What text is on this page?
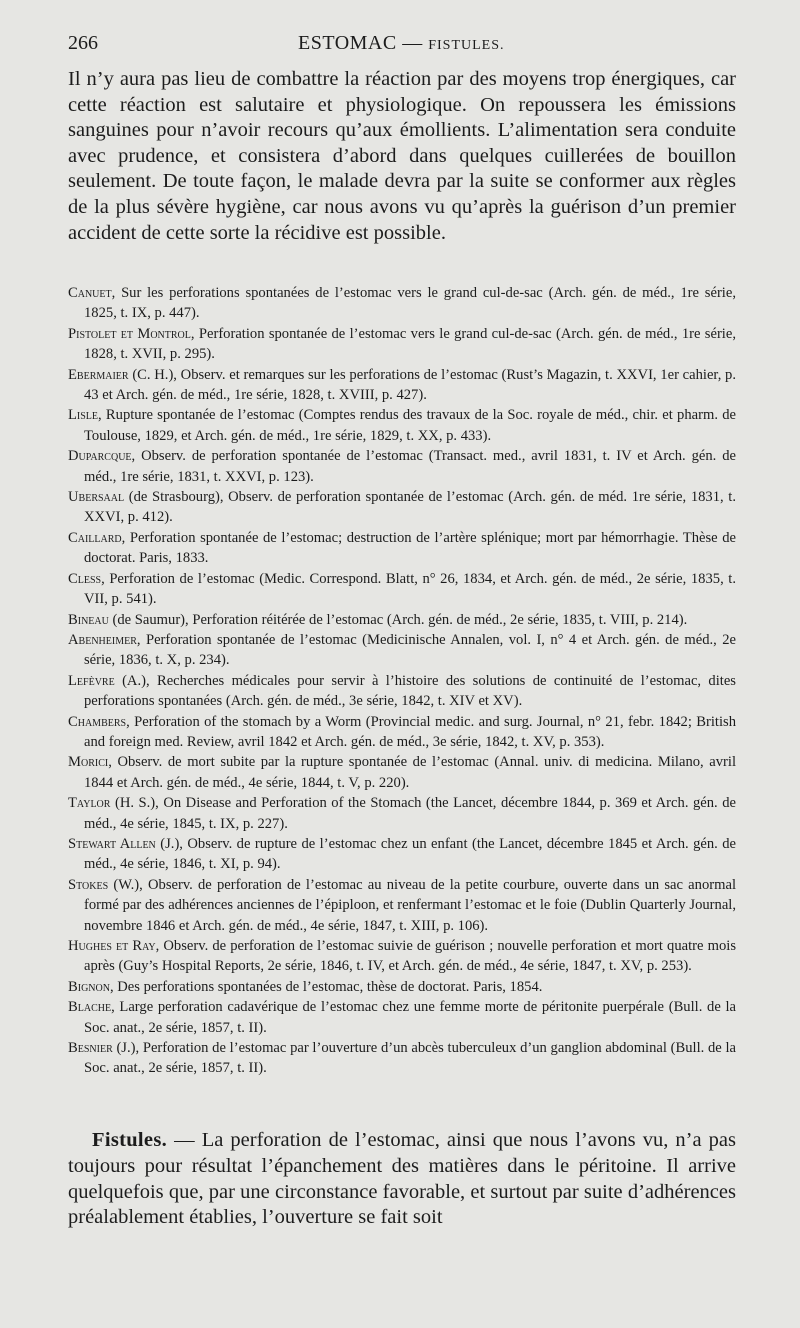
266	ESTOMAC — FISTULES.

Il n’y aura pas lieu de combattre la réaction par des moyens trop énergiques, car cette réaction est salutaire et physiologique. On repoussera les émissions sanguines pour n’avoir recours qu’aux émollients. L’alimentation sera conduite avec prudence, et consistera d’abord dans quelques cuillerées de bouillon seulement. De toute façon, le malade devra par la suite se conformer aux règles de la plus sévère hygiène, car nous avons vu qu’après la guérison d’un premier accident de cette sorte la récidive est possible.

Canuet, Sur les perforations spontanées de l’estomac vers le grand cul-de-sac (Arch. gén. de méd., 1re série, 1825, t. IX, p. 447).
Pistolet et Montrol, Perforation spontanée de l’estomac vers le grand cul-de-sac (Arch. gén. de méd., 1re série, 1828, t. XVII, p. 295).
Ebermaier (C. H.), Observ. et remarques sur les perforations de l’estomac (Rust’s Magazin, t. XXVI, 1er cahier, p. 43 et Arch. gén. de méd., 1re série, 1828, t. XVIII, p. 427).
Lisle, Rupture spontanée de l’estomac (Comptes rendus des travaux de la Soc. royale de méd., chir. et pharm. de Toulouse, 1829, et Arch. gén. de méd., 1re série, 1829, t. XX, p. 433).
Duparcque, Observ. de perforation spontanée de l’estomac (Transact. med., avril 1831, t. IV et Arch. gén. de méd., 1re série, 1831, t. XXVI, p. 123).
Ubersaal (de Strasbourg), Observ. de perforation spontanée de l’estomac (Arch. gén. de méd. 1re série, 1831, t. XXVI, p. 412).
Caillard, Perforation spontanée de l’estomac; destruction de l’artère splénique; mort par hémorrhagie. Thèse de doctorat. Paris, 1833.
Cless, Perforation de l’estomac (Medic. Correspond. Blatt, n° 26, 1834, et Arch. gén. de méd., 2e série, 1835, t. VII, p. 541).
Bineau (de Saumur), Perforation réitérée de l’estomac (Arch. gén. de méd., 2e série, 1835, t. VIII, p. 214).
Abenheimer, Perforation spontanée de l’estomac (Medicinische Annalen, vol. I, n° 4 et Arch. gén. de méd., 2e série, 1836, t. X, p. 234).
Lefèvre (A.), Recherches médicales pour servir à l’histoire des solutions de continuité de l’estomac, dites perforations spontanées (Arch. gén. de méd., 3e série, 1842, t. XIV et XV).
Chambers, Perforation of the stomach by a Worm (Provincial medic. and surg. Journal, n° 21, febr. 1842; British and foreign med. Review, avril 1842 et Arch. gén. de méd., 3e série, 1842, t. XV, p. 353).
Morici, Observ. de mort subite par la rupture spontanée de l’estomac (Annal. univ. di medicina. Milano, avril 1844 et Arch. gén. de méd., 4e série, 1844, t. V, p. 220).
Taylor (H. S.), On Disease and Perforation of the Stomach (the Lancet, décembre 1844, p. 369 et Arch. gén. de méd., 4e série, 1845, t. IX, p. 227).
Stewart Allen (J.), Observ. de rupture de l’estomac chez un enfant (the Lancet, décembre 1845 et Arch. gén. de méd., 4e série, 1846, t. XI, p. 94).
Stokes (W.), Observ. de perforation de l’estomac au niveau de la petite courbure, ouverte dans un sac anormal formé par des adhérences anciennes de l’épiploon, et renfermant l’estomac et le foie (Dublin Quarterly Journal, novembre 1846 et Arch. gén. de méd., 4e série, 1847, t. XIII, p. 106).
Hughes et Ray, Observ. de perforation de l’estomac suivie de guérison ; nouvelle perforation et mort quatre mois après (Guy’s Hospital Reports, 2e série, 1846, t. IV, et Arch. gén. de méd., 4e série, 1847, t. XV, p. 253).
Bignon, Des perforations spontanées de l’estomac, thèse de doctorat. Paris, 1854.
Blache, Large perforation cadavérique de l’estomac chez une femme morte de péritonite puerpérale (Bull. de la Soc. anat., 2e série, 1857, t. II).
Besnier (J.), Perforation de l’estomac par l’ouverture d’un abcès tuberculeux d’un ganglion abdominal (Bull. de la Soc. anat., 2e série, 1857, t. II).

Fistules. — La perforation de l’estomac, ainsi que nous l’avons vu, n’a pas toujours pour résultat l’épanchement des matières dans le péritoine. Il arrive quelquefois que, par une circonstance favorable, et surtout par suite d’adhérences préalablement établies, l’ouverture se fait soit
